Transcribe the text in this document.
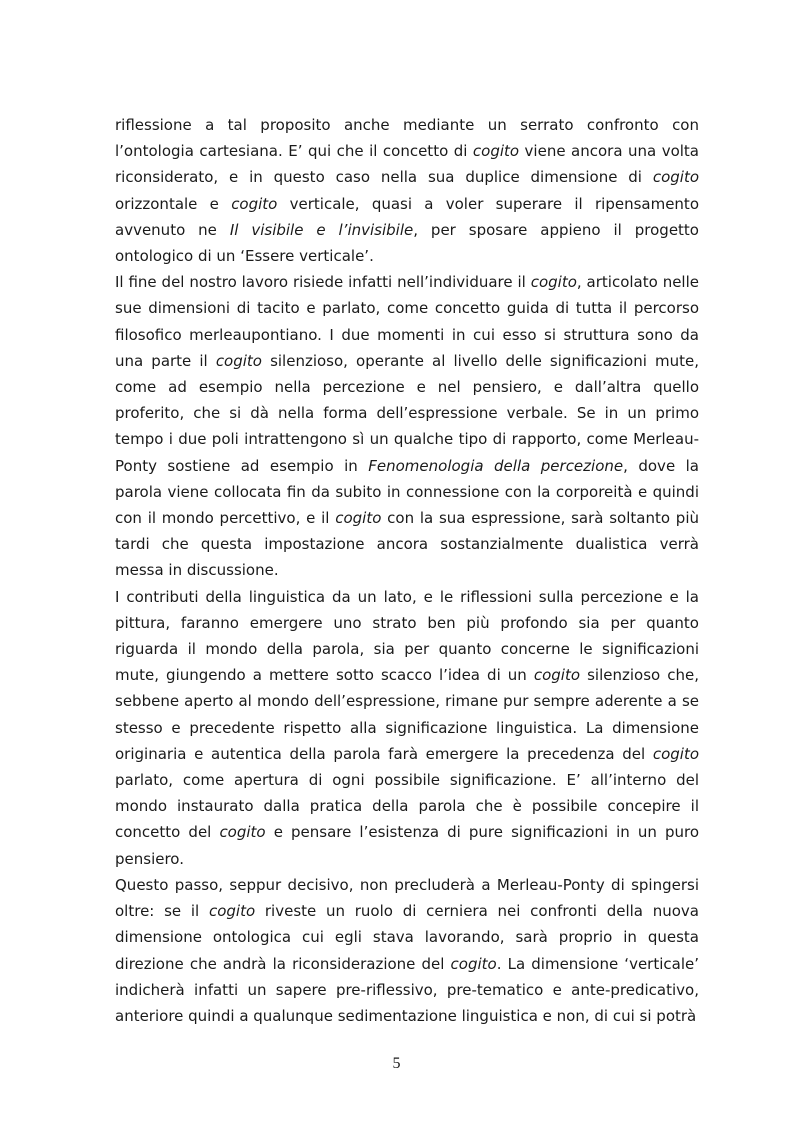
riflessione a tal proposito anche mediante un serrato confronto con l’ontologia cartesiana. E’ qui che il concetto di cogito viene ancora una volta riconsiderato, e in questo caso nella sua duplice dimensione di cogito orizzontale e cogito verticale, quasi a voler superare il ripensamento avvenuto ne Il visibile e l’invisibile, per sposare appieno il progetto ontologico di un ‘Essere verticale’.

Il fine del nostro lavoro risiede infatti nell’individuare il cogito, articolato nelle sue dimensioni di tacito e parlato, come concetto guida di tutta il percorso filosofico merleaupontiano. I due momenti in cui esso si struttura sono da una parte il cogito silenzioso, operante al livello delle significazioni mute, come ad esempio nella percezione e nel pensiero, e dall’altra quello proferito, che si dà nella forma dell’espressione verbale. Se in un primo tempo i due poli intrattengono sì un qualche tipo di rapporto, come Merleau-Ponty sostiene ad esempio in Fenomenologia della percezione, dove la parola viene collocata fin da subito in connessione con la corporeità e quindi con il mondo percettivo, e il cogito con la sua espressione, sarà soltanto più tardi che questa impostazione ancora sostanzialmente dualistica verrà messa in discussione.

I contributi della linguistica da un lato, e le riflessioni sulla percezione e la pittura, faranno emergere uno strato ben più profondo sia per quanto riguarda il mondo della parola, sia per quanto concerne le significazioni mute, giungendo a mettere sotto scacco l’idea di un cogito silenzioso che, sebbene aperto al mondo dell’espressione, rimane pur sempre aderente a se stesso e precedente rispetto alla significazione linguistica. La dimensione originaria e autentica della parola farà emergere la precedenza del cogito parlato, come apertura di ogni possibile significazione. E’ all’interno del mondo instaurato dalla pratica della parola che è possibile concepire il concetto del cogito e pensare l’esistenza di pure significazioni in un puro pensiero.

Questo passo, seppur decisivo, non precluderà a Merleau-Ponty di spingersi oltre: se il cogito riveste un ruolo di cerniera nei confronti della nuova dimensione ontologica cui egli stava lavorando, sarà proprio in questa direzione che andrà la riconsiderazione del cogito. La dimensione ‘verticale’ indicherà infatti un sapere pre-riflessivo, pre-tematico e ante-predicativo, anteriore quindi a qualunque sedimentazione linguistica e non, di cui si potrà

5
